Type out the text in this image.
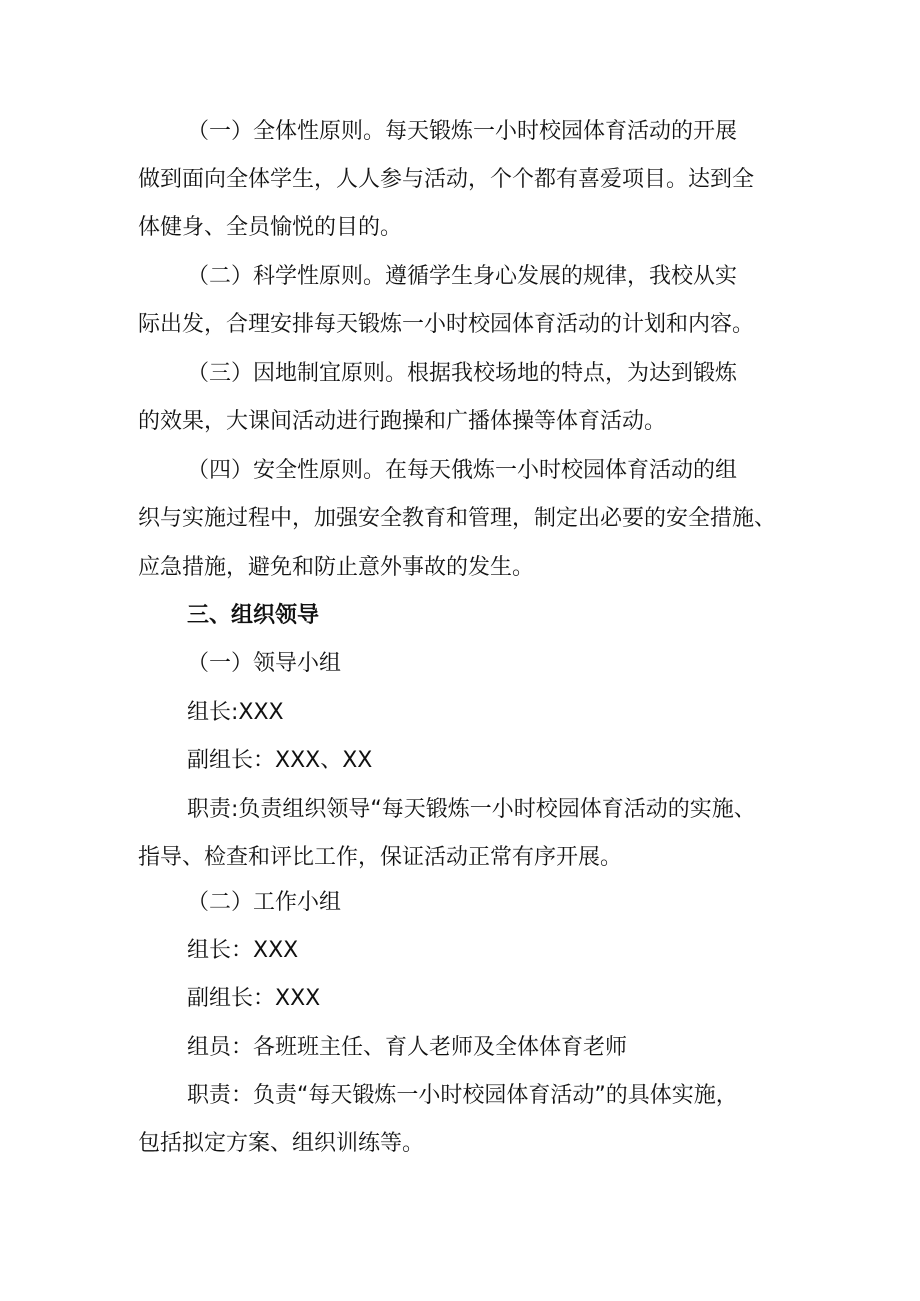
（一）全体性原则。每天锻炼一小时校园体育活动的开展
做到面向全体学生，人人参与活动，个个都有喜爱项目。达到全
体健身、全员愉悦的目的。
（二）科学性原则。遵循学生身心发展的规律，我校从实
际出发，合理安排每天锻炼一小时校园体育活动的计划和内容。
（三）因地制宜原则。根据我校场地的特点，为达到锻炼
的效果，大课间活动进行跑操和广播体操等体育活动。
（四）安全性原则。在每天俄炼一小时校园体育活动的组
织与实施过程中，加强安全教育和管理，制定出必要的安全措施、
应急措施，避免和防止意外事故的发生。
三、组织领导
（一）领导小组
组长:XXX
副组长：XXX、XX
职责:负责组织领导“每天锻炼一小时校园体育活动的实施、
指导、检查和评比工作，保证活动正常有序开展。
（二）工作小组
组长：XXX
副组长：XXX
组员：各班班主任、育人老师及全体体育老师
职责：负责“每天锻炼一小时校园体育活动”的具体实施，
包括拟定方案、组织训练等。
